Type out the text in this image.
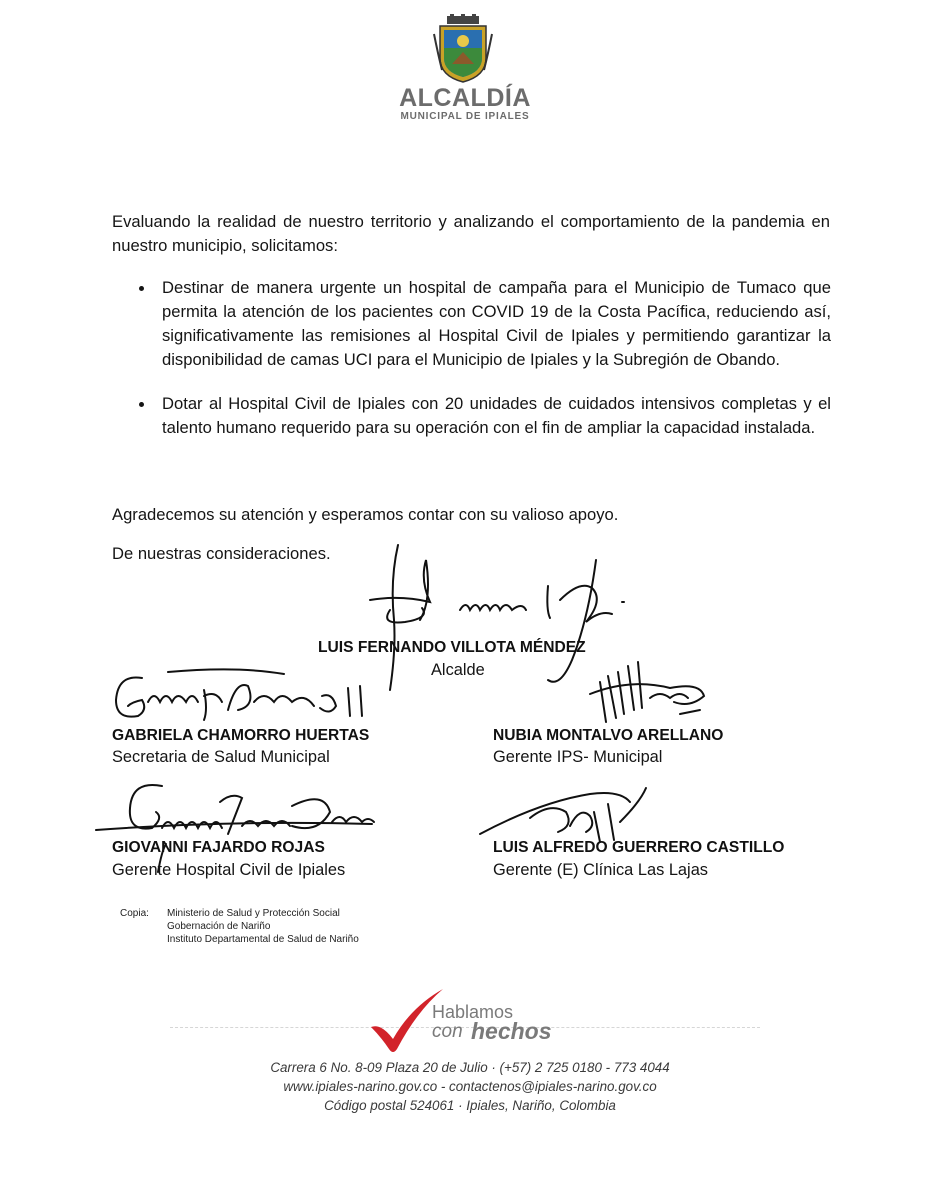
ALCALDÍA
MUNICIPAL DE IPIALES
Evaluando la realidad de nuestro territorio y analizando el comportamiento de la pandemia en nuestro municipio, solicitamos:
Destinar de manera urgente un hospital de campaña para el Municipio de Tumaco que permita la atención de los pacientes con COVID 19 de la Costa Pacífica, reduciendo así, significativamente las remisiones al Hospital Civil de Ipiales y permitiendo garantizar la disponibilidad de camas UCI para el Municipio de Ipiales y la Subregión de Obando.
Dotar al Hospital Civil de Ipiales con 20 unidades de cuidados intensivos completas y el talento humano requerido para su operación con el fin de ampliar la capacidad instalada.
Agradecemos su atención y esperamos contar con su valioso apoyo.
De nuestras consideraciones.
LUIS FERNANDO VILLOTA MÉNDEZ
Alcalde
GABRIELA CHAMORRO HUERTAS
Secretaria de Salud Municipal
NUBIA MONTALVO ARELLANO
Gerente IPS- Municipal
GIOVANNI FAJARDO ROJAS
Gerente Hospital Civil de Ipiales
LUIS ALFREDO GUERRERO CASTILLO
Gerente (E) Clínica Las Lajas
Copia: Ministerio de Salud y Protección Social
Gobernación de Nariño
Instituto Departamental de Salud de Nariño
Hablamos
con hechos
Carrera 6 No. 8-09 Plaza 20 de Julio · (+57) 2 725 0180 - 773 4044
www.ipiales-narino.gov.co - contactenos@ipiales-narino.gov.co
Código postal 524061 · Ipiales, Nariño, Colombia
